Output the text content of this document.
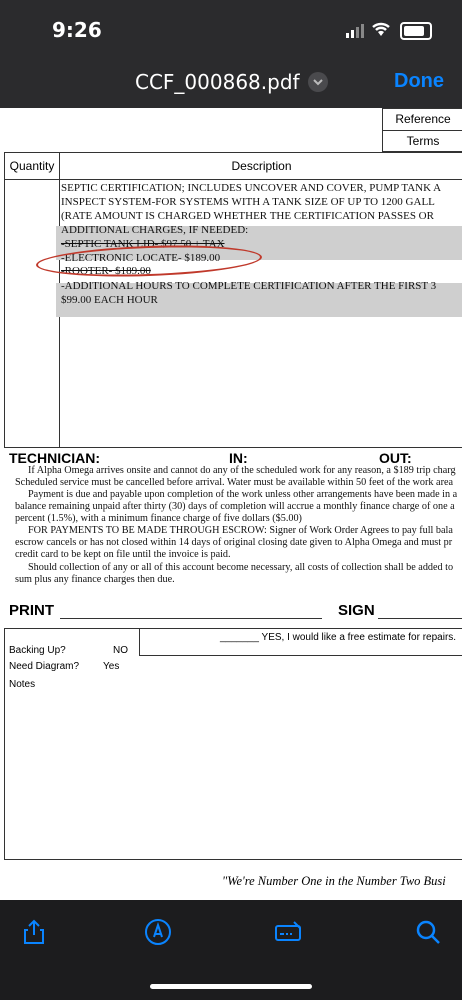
9:26
CCF_000868.pdf	Done
Reference
Terms
Quantity	Description
SEPTIC CERTIFICATION; INCLUDES UNCOVER AND COVER, PUMP TANK A
INSPECT SYSTEM-FOR SYSTEMS WITH A TANK SIZE OF UP TO 1200 GALL
(RATE AMOUNT IS CHARGED WHETHER THE CERTIFICATION PASSES OR
ADDITIONAL CHARGES, IF NEEDED:
-SEPTIC TANK LID- $97.50 + TAX
-ELECTRONIC LOCATE- $189.00
-ROOTER- $189.00
-ADDITIONAL HOURS TO COMPLETE CERTIFICATION AFTER THE FIRST 3
$99.00 EACH HOUR
TECHNICIAN:	IN:	OUT:
If Alpha Omega arrives onsite and cannot do any of the scheduled work for any reason, a $189 trip charg
Scheduled service must be cancelled before arrival. Water must be available within 50 feet of the work area
Payment is due and payable upon completion of the work unless other arrangements have been made in a
balance remaining unpaid after thirty (30) days of completion will accrue a monthly finance charge of one a
percent (1.5%), with a minimum finance charge of five dollars ($5.00)
FOR PAYMENTS TO BE MADE THROUGH ESCROW: Signer of Work Order Agrees to pay full bala
escrow cancels or has not closed within 14 days of original closing date given to Alpha Omega and must pr
credit card to be kept on file until the invoice is paid.
Should collection of any or all of this account become necessary, all costs of collection shall be added to
sum plus any finance charges then due.
PRINT	SIGN
_______ YES, I would like a free estimate for repairs.
Backing Up?	NO
Need Diagram? Yes
Notes
"We're Number One in the Number Two Busi
